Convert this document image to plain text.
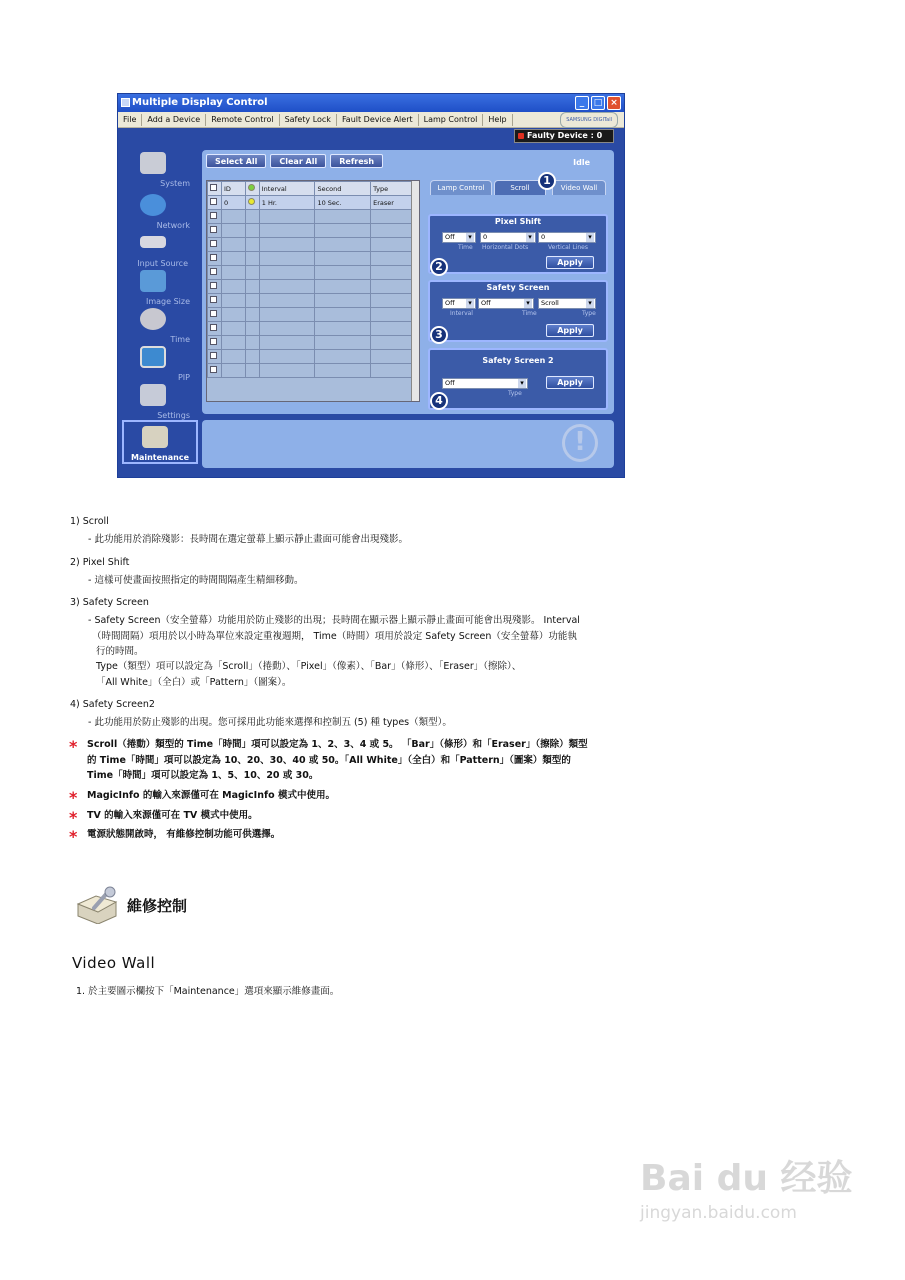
Multiple Display Control	_	□ ×
File	Add a Device	Remote Control	Safety Lock	Fault Device Alert	Lamp Control	Help	SAMSUNG DIGITall
Faulty Device : 0
System
Network
Input Source
Image Size
Time
PIP
Settings
Maintenance
Select All	Clear All	Refresh	Idle
	ID		Interval	Second	Type
	0		1 Hr.	10 Sec.	Eraser

Lamp Control	Scroll	Video Wall
1
Pixel Shift
Off ▾	0 ▾	0 ▾
Time Horizontal Dots	Vertical Lines
Apply
2
Safety Screen
Off ▾	Off ▾	Scroll ▾
Interval	Time	Type
Apply
3
Safety Screen 2
Off ▾
Type
Apply
4
!
1) Scroll
- 此功能用於消除殘影：長時間在選定螢幕上顯示靜止畫面可能會出現殘影。
2) Pixel Shift
- 這樣可使畫面按照指定的時間間隔產生精細移動。
3) Safety Screen
- Safety Screen（安全螢幕）功能用於防止殘影的出現；長時間在顯示器上顯示靜止畫面可能會出現殘影。 Interval
（時間間隔）項用於以小時為單位來設定重複週期， Time（時間）項用於設定 Safety Screen（安全螢幕）功能執
行的時間。
Type（類型）項可以設定為「Scroll」（捲動）、「Pixel」（像素）、「Bar」（條形）、「Eraser」（擦除）、
「All White」（全白）或「Pattern」（圖案）。
4) Safety Screen2
- 此功能用於防止殘影的出現。您可採用此功能來選擇和控制五 (5) 種 types（類型）。
* Scroll（捲動）類型的 Time「時間」項可以設定為 1、2、3、4 或 5。 「Bar」（條形）和「Eraser」（擦除）類型
的 Time「時間」項可以設定為 10、20、30、40 或 50。「All White」（全白）和「Pattern」（圖案）類型的
Time「時間」項可以設定為 1、5、10、20 或 30。
* MagicInfo 的輸入來源僅可在 MagicInfo 模式中使用。
* TV 的輸入來源僅可在 TV 模式中使用。
* 電源狀態開啟時， 有維修控制功能可供選擇。
維修控制
Video Wall
1. 於主要圖示欄按下「Maintenance」選項來顯示維修畫面。
Bai du 经验
jingyan.baidu.com
